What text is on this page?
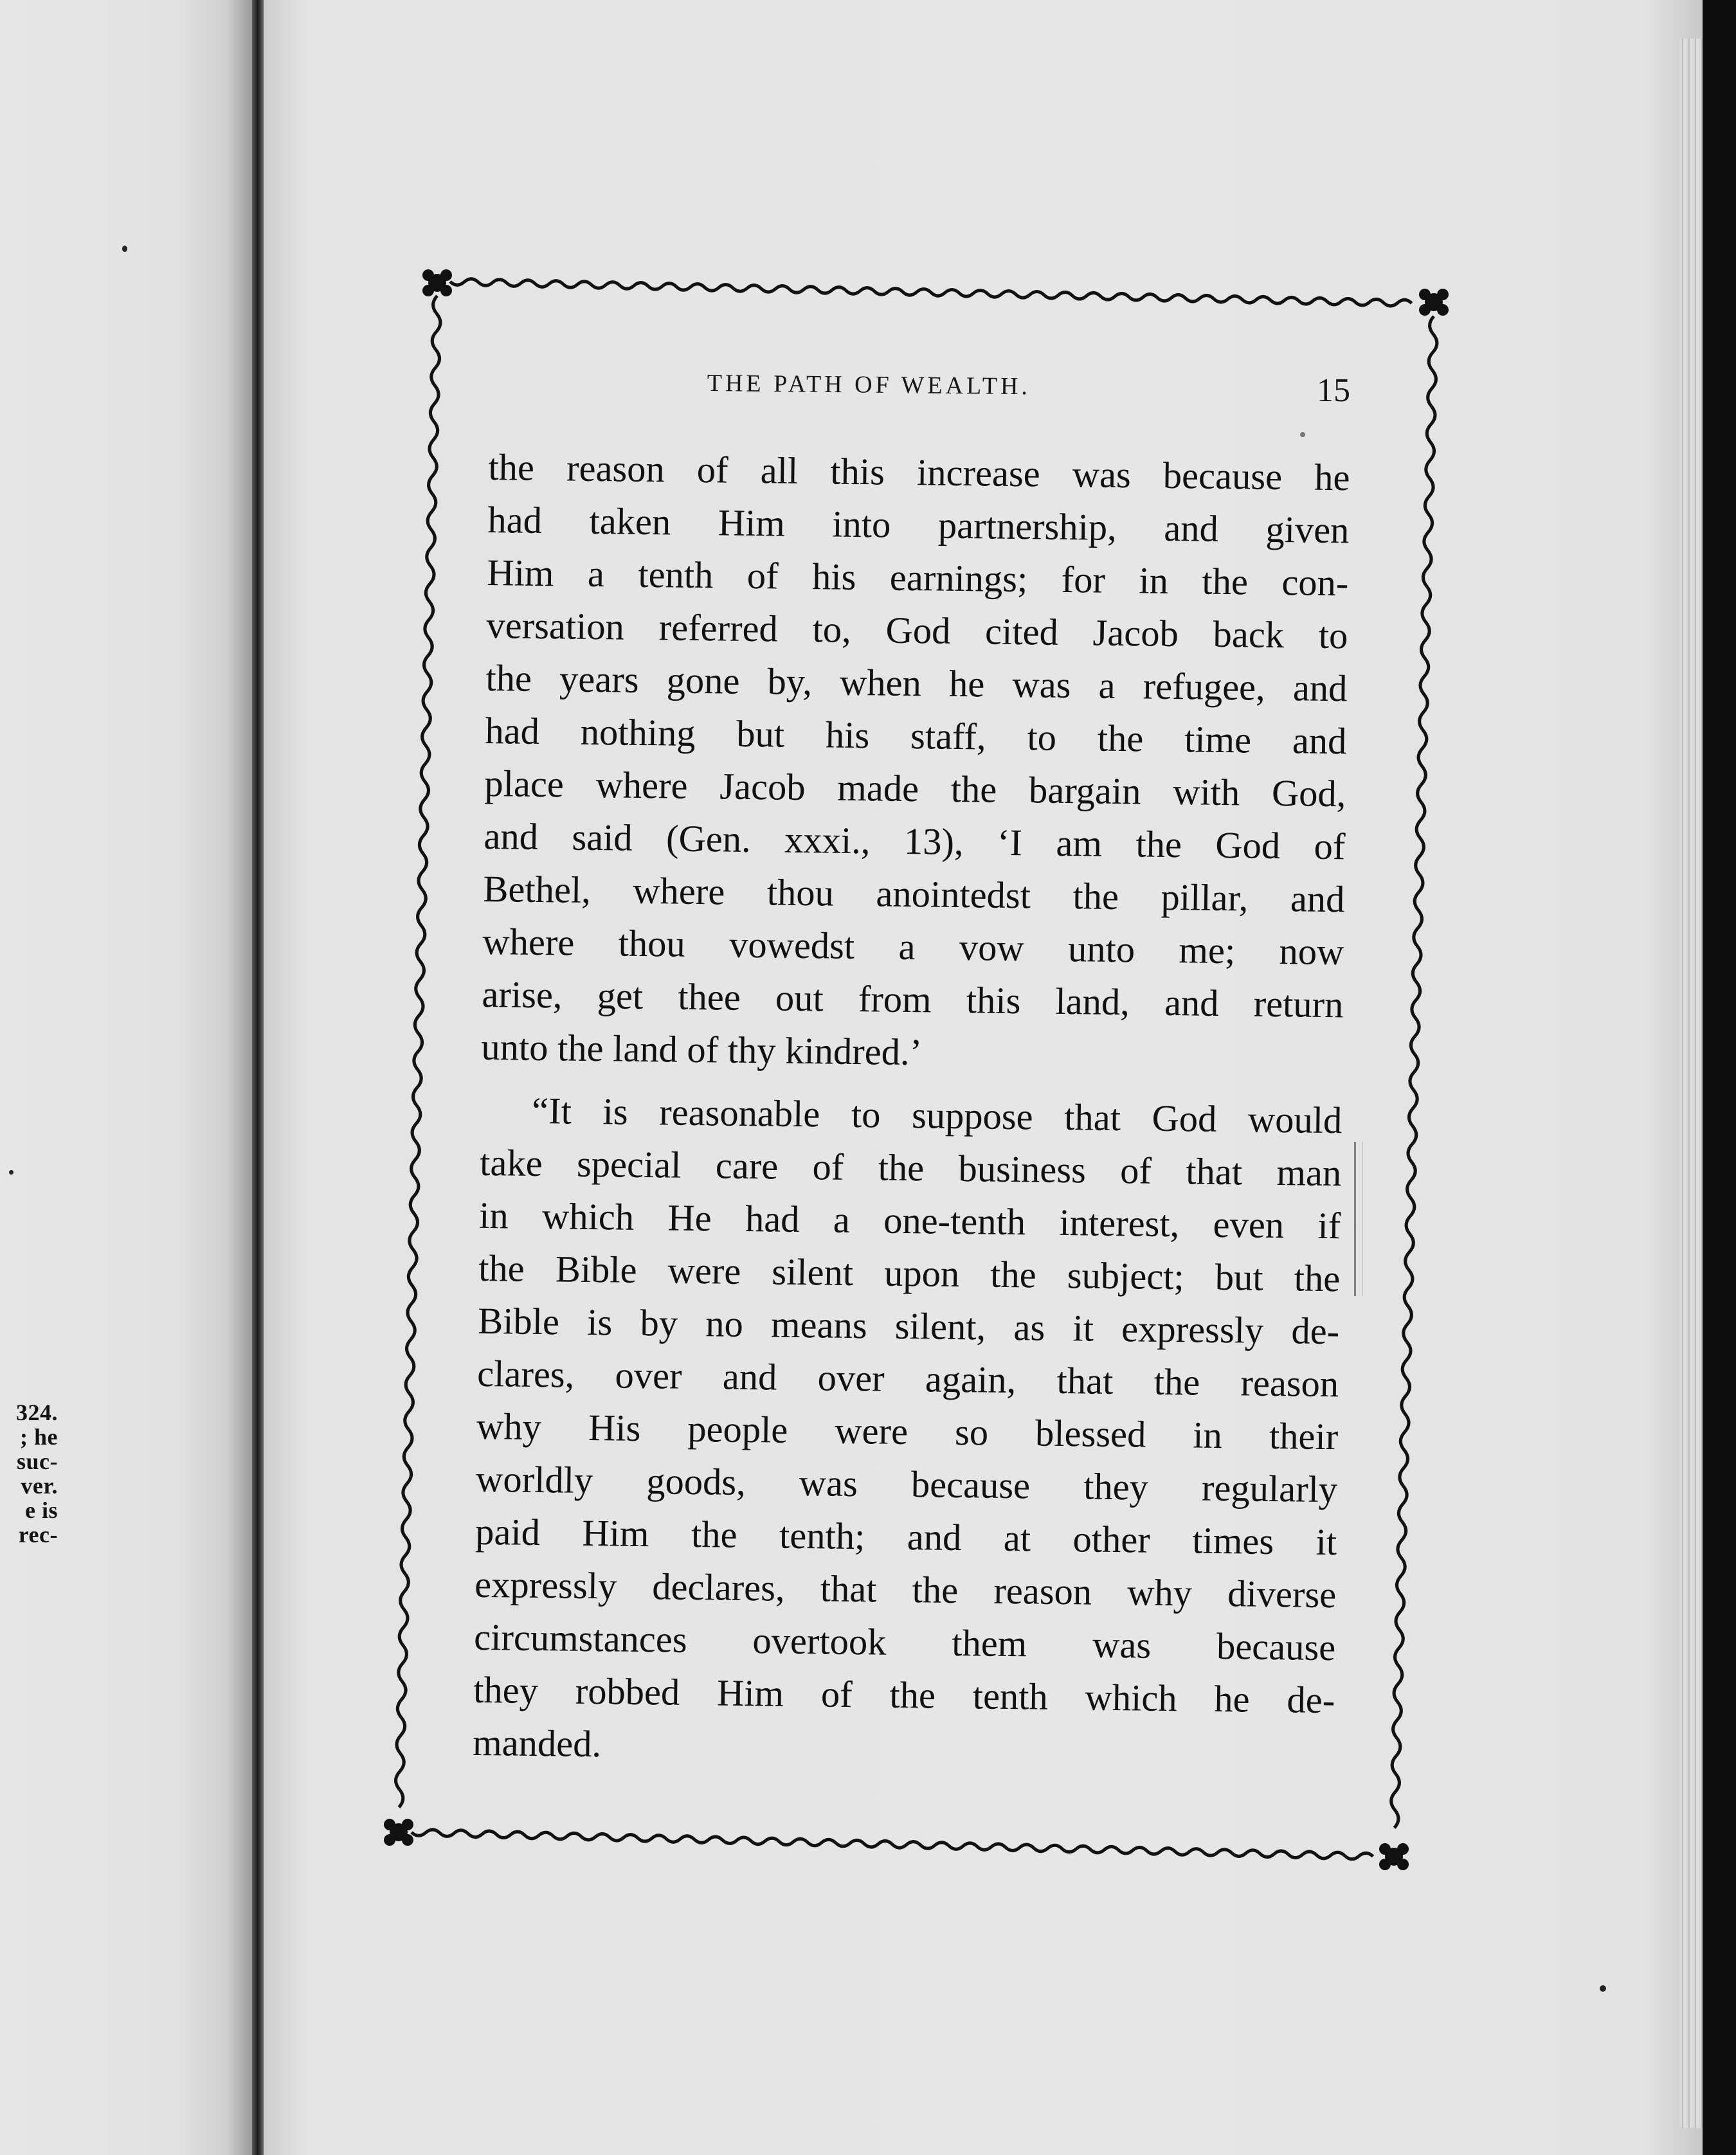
324.
; he
suc-
ver.
e is
rec-
THE PATH OF WEALTH.	15
the reason of all this increase was because he
had taken Him into partnership, and given
Him a tenth of his earnings; for in the con-
versation referred to, God cited Jacob back to
the years gone by, when he was a refugee, and
had nothing but his staff, to the time and
place where Jacob made the bargain with God,
and said (Gen. xxxi., 13), ‘I am the God of
Bethel, where thou anointedst the pillar, and
where thou vowedst a vow unto me; now
arise, get thee out from this land, and return
unto the land of thy kindred.’
“It is reasonable to suppose that God would
take special care of the business of that man
in which He had a one-tenth interest, even if
the Bible were silent upon the subject; but the
Bible is by no means silent, as it expressly de-
clares, over and over again, that the reason
why His people were so blessed in their
worldly goods, was because they regularly
paid Him the tenth; and at other times it
expressly declares, that the reason why diverse
circumstances overtook them was because
they robbed Him of the tenth which he de-
manded.
